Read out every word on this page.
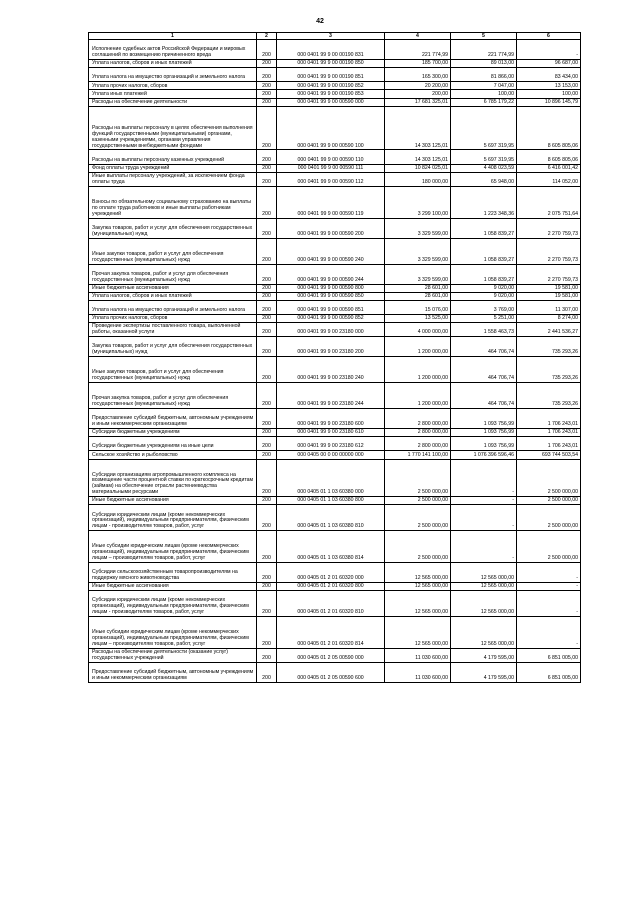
42
1	2	3	4	5	6
Исполнение судебных актов Российской Федерации и мировых соглашений по возмещению причиненного вреда	200	000 0401 99 9 00 00190 831	221 774,99	221 774,99	-
Уплата налогов, сборов и иных платежей	200	000 0401 99 9 00 00190 850	185 700,00	89 013,00	96 687,00
Уплата налога на имущество организаций и земельного налога	200	000 0401 99 9 00 00190 851	165 300,00	81 866,00	83 434,00
Уплата прочих налогов, сборов	200	000 0401 99 9 00 00190 852	20 200,00	7 047,00	13 153,00
Уплата иных платежей	200	000 0401 99 9 00 00190 853	200,00	100,00	100,00
Расходы на обеспечение деятельности	200	000 0401 99 9 00 00590 000	17 681 325,01	6 785 179,22	10 896 145,79
Расходы на выплаты персоналу в целях обеспечения выполнения функций государственными (муниципальными) органами, казенными учреждениями, органами управления государственными внебюджетными фондами	200	000 0401 99 9 00 00590 100	14 303 125,01	5 697 319,95	8 605 805,06
Расходы на выплаты персоналу казенных учреждений	200	000 0401 99 9 00 00590 110	14 303 125,01	5 697 319,95	8 605 805,06
Фонд оплаты труда учреждений	200	000 0401 99 9 00 00590 111	10 824 025,01	4 408 023,59	6 416 001,42
Иные выплаты персоналу учреждений, за исключением фонда оплаты труда	200	000 0401 99 9 00 00590 112	180 000,00	65 948,00	114 052,00
Взносы по обязательному социальному страхованию на выплаты по оплате труда работников и иные выплаты работникам учреждений	200	000 0401 99 9 00 00590 119	3 299 100,00	1 223 348,36	2 075 751,64
Закупка товаров, работ и услуг для обеспечения государственных (муниципальных) нужд	200	000 0401 99 9 00 00590 200	3 329 599,00	1 058 839,27	2 270 759,73
Иные закупки товаров, работ и услуг для обеспечения государственных (муниципальных) нужд	200	000 0401 99 9 00 00590 240	3 329 599,00	1 058 839,27	2 270 759,73
Прочая закупка товаров, работ и услуг для обеспечения государственных (муниципальных) нужд	200	000 0401 99 9 00 00590 244	3 329 599,00	1 058 839,27	2 270 759,73
Иные бюджетные ассигнования	200	000 0401 99 9 00 00590 800	28 601,00	9 020,00	19 581,00
Уплата налогов, сборов и иных платежей	200	000 0401 99 9 00 00590 850	28 601,00	9 020,00	19 581,00
Уплата налога на имущество организаций и земельного налога	200	000 0401 99 9 00 00590 851	15 076,00	3 769,00	11 307,00
Уплата прочих налогов, сборов	200	000 0401 99 9 00 00590 852	13 525,00	5 251,00	8 274,00
Проведение экспертизы поставленного товара, выполненной работы, оказанной услуги	200	000 0401 99 9 00 23180 000	4 000 000,00	1 558 463,73	2 441 536,27
Закупка товаров, работ и услуг для обеспечения государственных (муниципальных) нужд	200	000 0401 99 9 00 23180 200	1 200 000,00	464 706,74	735 293,26
Иные закупки товаров, работ и услуг для обеспечения государственных (муниципальных) нужд	200	000 0401 99 9 00 23180 240	1 200 000,00	464 706,74	735 293,26
Прочая закупка товаров, работ и услуг для обеспечения государственных (муниципальных) нужд	200	000 0401 99 9 00 23180 244	1 200 000,00	464 706,74	735 293,26
Предоставление субсидий бюджетным, автономным учреждениям и иным некоммерческим организациям	200	000 0401 99 9 00 23180 600	2 800 000,00	1 093 756,99	1 706 243,01
Субсидии бюджетным учреждениям	200	000 0401 99 9 00 23180 610	2 800 000,00	1 093 756,99	1 706 243,01
Субсидии бюджетным учреждениям на иные цели	200	000 0401 99 9 00 23180 612	2 800 000,00	1 093 756,99	1 706 243,01
Сельское хозяйство и рыболовство	200	000 0405 00 0 00 00000 000	1 770 141 100,00	1 076 396 596,46	693 744 503,54
Субсидии организациям агропромышленного комплекса на возмещение части процентной ставки по краткосрочным кредитам (займам) на обеспечение отрасли растениеводства материальными ресурсами	200	000 0405 01 1 03 60380 000	2 500 000,00	-	2 500 000,00
Иные бюджетные ассигнования	200	000 0405 01 1 03 60380 800	2 500 000,00	-	2 500 000,00
Субсидии юридическим лицам (кроме некоммерческих организаций), индивидуальным предпринимателям, физическим лицам - производителям товаров, работ, услуг	200	000 0405 01 1 03 60380 810	2 500 000,00	-	2 500 000,00
Иные субсидии юридическим лицам (кроме некоммерческих организаций), индивидуальным предпринимателям, физическим лицам – производителям товаров, работ, услуг	200	000 0405 01 1 03 60380 814	2 500 000,00	-	2 500 000,00
Субсидии сельскохозяйственным товаропроизводителям на поддержку мясного животноводства	200	000 0405 01 2 01 60320 000	12 565 000,00	12 565 000,00	-
Иные бюджетные ассигнования	200	000 0405 01 2 01 60320 800	12 565 000,00	12 565 000,00	-
Субсидии юридическим лицам (кроме некоммерческих организаций), индивидуальным предпринимателям, физическим лицам - производителям товаров, работ, услуг	200	000 0405 01 2 01 60320 810	12 565 000,00	12 565 000,00	-
Иные субсидии юридическим лицам (кроме некоммерческих организаций), индивидуальным предпринимателям, физическим лицам – производителям товаров, работ, услуг	200	000 0405 01 2 01 60320 814	12 565 000,00	12 565 000,00	-
Расходы на обеспечение деятельности (оказание услуг) государственных учреждений	200	000 0405 01 2 05 00590 000	11 030 600,00	4 179 595,00	6 851 005,00
Предоставление субсидий бюджетным, автономным учреждениям и иным некоммерческим организациям	200	000 0405 01 2 05 00590 600	11 030 600,00	4 179 595,00	6 851 005,00
